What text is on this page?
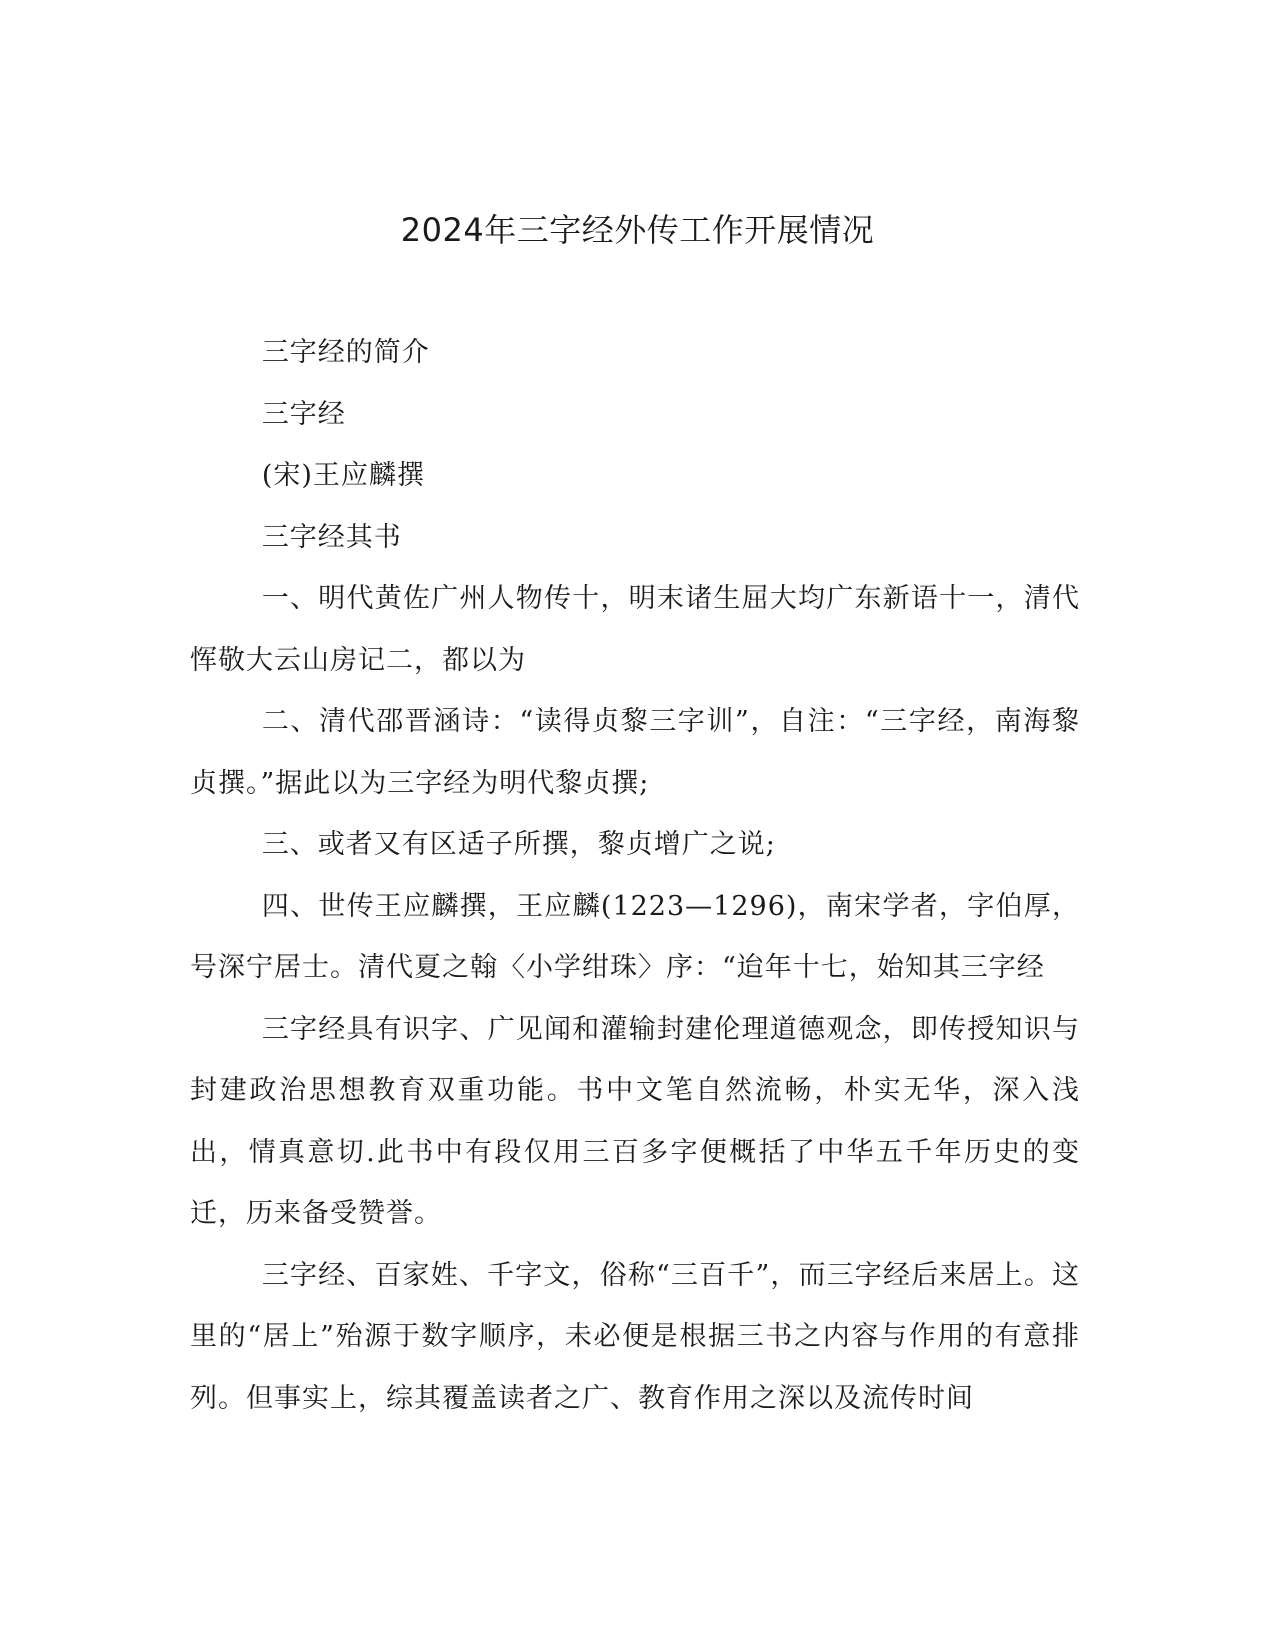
2024年三字经外传工作开展情况

三字经的简介

三字经

(宋)王应麟撰

三字经其书

一、明代黄佐广州人物传十，明末诸生屈大均广东新语十一，清代恽敬大云山房记二，都以为

二、清代邵晋涵诗：“读得贞黎三字训”，自注：“三字经，南海黎贞撰。”据此以为三字经为明代黎贞撰;

三、或者又有区适子所撰，黎贞增广之说;

四、世传王应麟撰，王应麟(1223—1296)，南宋学者，字伯厚，号深宁居士。清代夏之翰〈小学绀珠〉序：“迨年十七，始知其三字经

三字经具有识字、广见闻和灌输封建伦理道德观念，即传授知识与封建政治思想教育双重功能。书中文笔自然流畅，朴实无华，深入浅出，情真意切.此书中有段仅用三百多字便概括了中华五千年历史的变迁，历来备受赞誉。

三字经、百家姓、千字文，俗称“三百千”，而三字经后来居上。这里的“居上”殆源于数字顺序，未必便是根据三书之内容与作用的有意排列。但事实上，综其覆盖读者之广、教育作用之深以及流传时间
